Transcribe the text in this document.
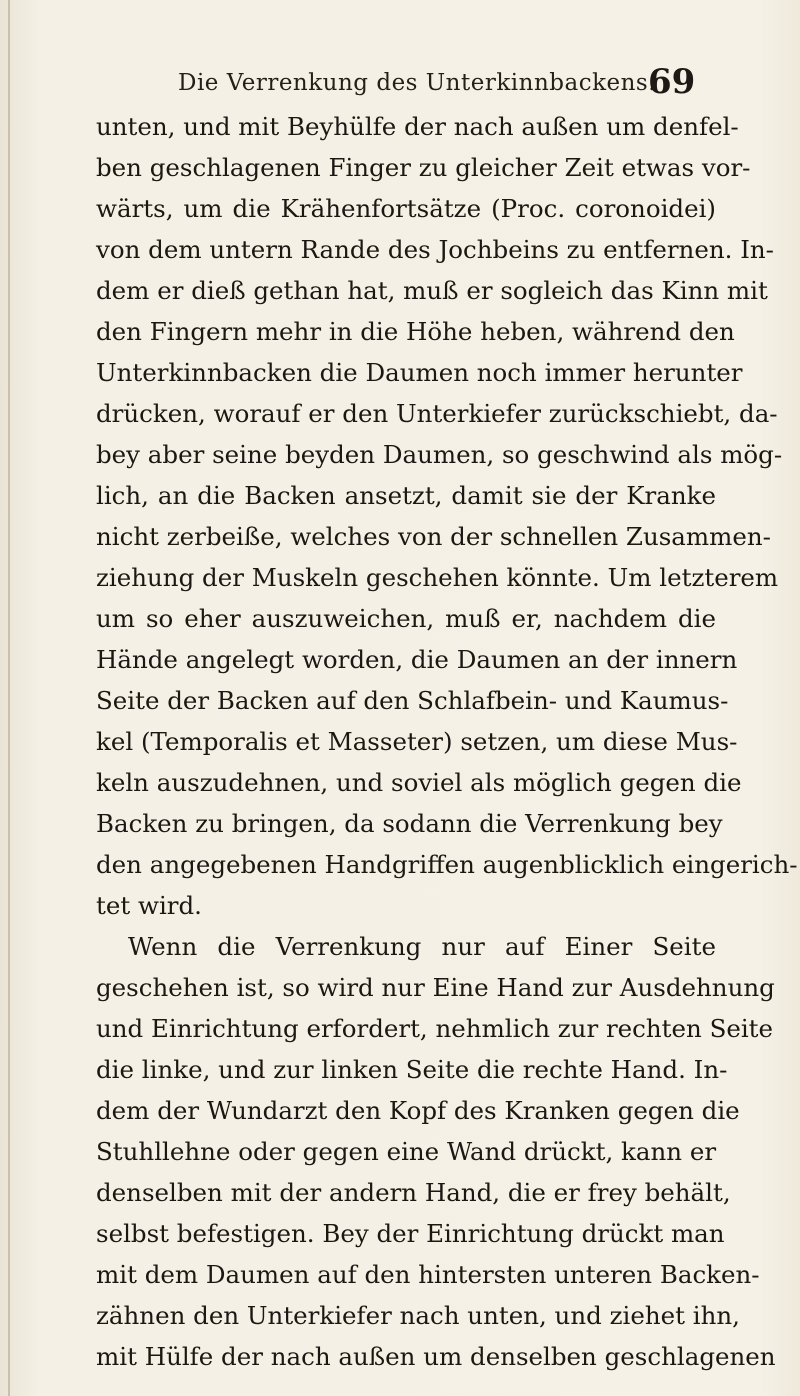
Die Verrenkung des Unterkinnbackens.
69
unten, und mit Beyhülfe der nach außen um denfel-
ben geschlagenen Finger zu gleicher Zeit etwas vor-
wärts, um die Krähenfortsätze (Proc. coronoidei)
von dem untern Rande des Jochbeins zu entfernen. In-
dem er dieß gethan hat, muß er sogleich das Kinn mit
den Fingern mehr in die Höhe heben, während den
Unterkinnbacken die Daumen noch immer herunter
drücken, worauf er den Unterkiefer zurückschiebt, da-
bey aber seine beyden Daumen, so geschwind als mög-
lich, an die Backen ansetzt, damit sie der Kranke
nicht zerbeiße, welches von der schnellen Zusammen-
ziehung der Muskeln geschehen könnte. Um letzterem
um so eher auszuweichen, muß er, nachdem die
Hände angelegt worden, die Daumen an der innern
Seite der Backen auf den Schlafbein- und Kaumus-
kel (Temporalis et Masseter) setzen, um diese Mus-
keln auszudehnen, und soviel als möglich gegen die
Backen zu bringen, da sodann die Verrenkung bey
den angegebenen Handgriffen augenblicklich eingerich-
tet wird.
Wenn die Verrenkung nur auf Einer Seite
geschehen ist, so wird nur Eine Hand zur Ausdehnung
und Einrichtung erfordert, nehmlich zur rechten Seite
die linke, und zur linken Seite die rechte Hand. In-
dem der Wundarzt den Kopf des Kranken gegen die
Stuhllehne oder gegen eine Wand drückt, kann er
denselben mit der andern Hand, die er frey behält,
selbst befestigen. Bey der Einrichtung drückt man
mit dem Daumen auf den hintersten unteren Backen-
zähnen den Unterkiefer nach unten, und ziehet ihn,
mit Hülfe der nach außen um denselben geschlagenen
